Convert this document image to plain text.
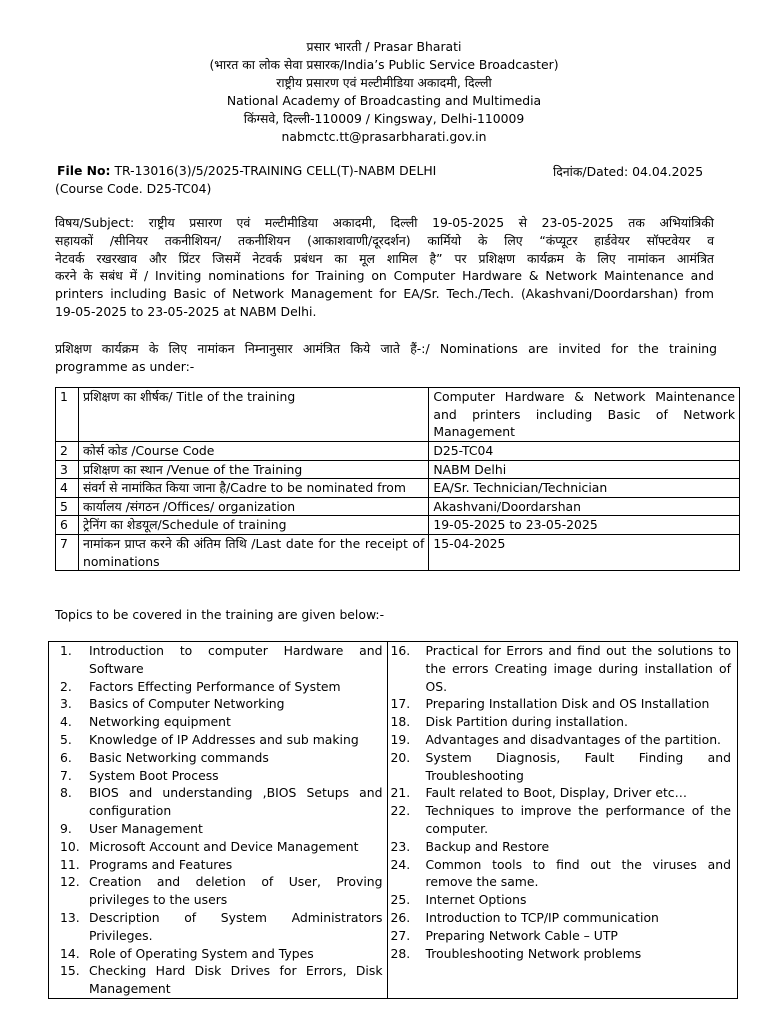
प्रसार भारती / Prasar Bharati
(भारत का लोक सेवा प्रसारक/India’s Public Service Broadcaster)
राष्ट्रीय प्रसारण एवं मल्टीमीडिया अकादमी, दिल्ली
National Academy of Broadcasting and Multimedia
किंग्सवे, दिल्ली-110009 / Kingsway, Delhi-110009
nabmctc.tt@prasarbharati.gov.in
File No: TR-13016(3)/5/2025-TRAINING CELL(T)-NABM DELHI	दिनांक/Dated: 04.04.2025
(Course Code. D25-TC04)
विषय/Subject: राष्ट्रीय प्रसारण एवं मल्टीमीडिया अकादमी, दिल्ली 19-05-2025 से 23-05-2025 तक अभियांत्रिकी
सहायकों /सीनियर तकनीशियन/ तकनीशियन (आकाशवाणी/दूरदर्शन) कार्मियो के लिए “कंप्यूटर हार्डवेयर सॉफ्टवेयर व
नेटवर्क रखरखाव और प्रिंटर जिसमें नेटवर्क प्रबंधन का मूल शामिल है” पर प्रशिक्षण कार्यक्रम के लिए नामांकन आमंत्रित
करने के सबंध में / Inviting nominations for Training on Computer Hardware & Network Maintenance and
printers including Basic of Network Management for EA/Sr. Tech./Tech. (Akashvani/Doordarshan) from
19-05-2025 to 23-05-2025 at NABM Delhi.
प्रशिक्षण कार्यक्रम के लिए नामांकन निम्नानुसार आमंत्रित किये जाते हैं-:/ Nominations are invited for the training
programme as under:-
1	प्रशिक्षण का शीर्षक/ Title of the training	Computer Hardware & Network Maintenance and printers including Basic of Network Management
2	कोर्स कोड /Course Code	D25-TC04
3	प्रशिक्षण का स्थान /Venue of the Training	NABM Delhi
4	संवर्ग से नामांकित किया जाना है/Cadre to be nominated from	EA/Sr. Technician/Technician
5	कार्यालय /संगठन /Offices/ organization	Akashvani/Doordarshan
6	ट्रेनिंग का शेडयूल/Schedule of training	19-05-2025 to 23-05-2025
7	नामांकन प्राप्त करने की अंतिम तिथि /Last date for the receipt of nominations	15-04-2025
Topics to be covered in the training are given below:-
1.	Introduction to computer Hardware and Software
2.	Factors Effecting Performance of System
3.	Basics of Computer Networking
4.	Networking equipment
5.	Knowledge of IP Addresses and sub making
6.	Basic Networking commands
7.	System Boot Process
8.	BIOS and understanding ,BIOS Setups and configuration
9.	User Management
10. Microsoft Account and Device Management
11. Programs and Features
12. Creation and deletion of User, Proving privileges to the users
13. Description of System Administrators Privileges.
14. Role of Operating System and Types
15. Checking Hard Disk Drives for Errors, Disk Management

16.	Practical for Errors and find out the solutions to the errors Creating image during installation of OS.
17.	Preparing Installation Disk and OS Installation
18.	Disk Partition during installation.
19.	Advantages and disadvantages of the partition.
20.	System Diagnosis, Fault Finding and Troubleshooting
21.	Fault related to Boot, Display, Driver etc…
22.	Techniques to improve the performance of the computer.
23.	Backup and Restore
24.	Common tools to find out the viruses and remove the same.
25.	Internet Options
26.	Introduction to TCP/IP communication
27.	Preparing Network Cable – UTP
28.	Troubleshooting Network problems
